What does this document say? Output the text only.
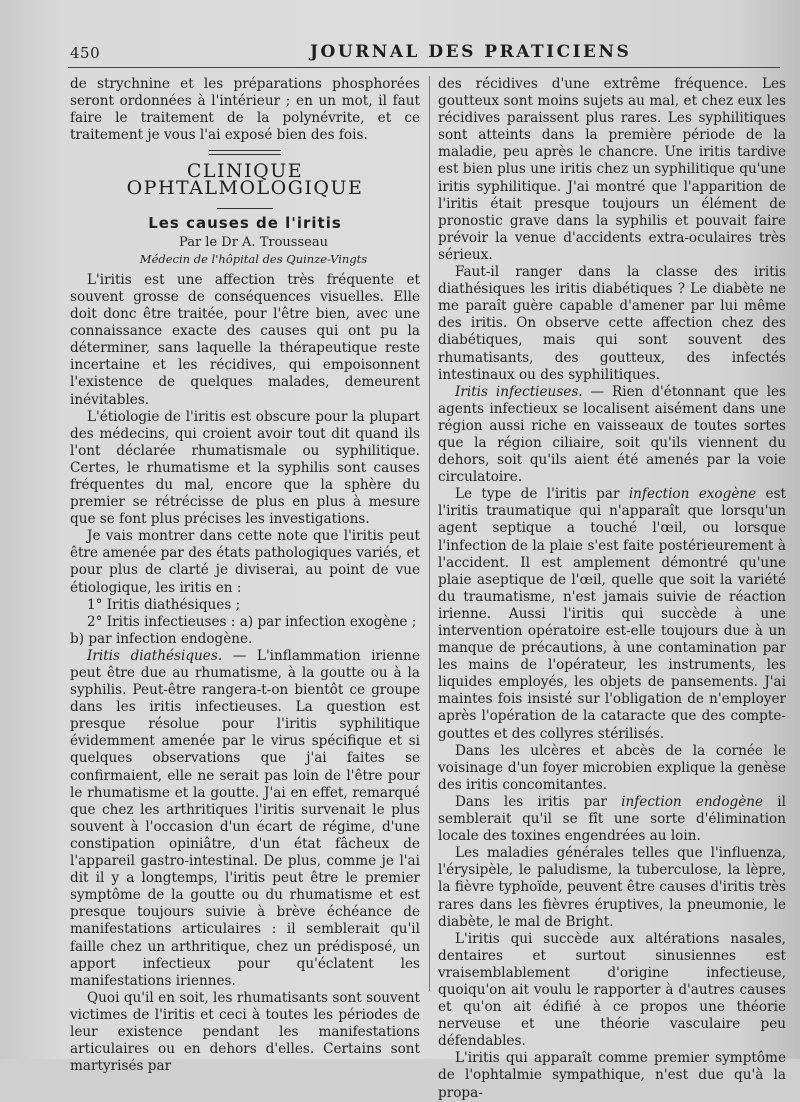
450	JOURNAL DES PRATICIENS

de strychnine et les préparations phosphorées seront ordonnées à l'intérieur ; en un mot, il faut faire le traitement de la polynévrite, et ce traitement je vous l'ai exposé bien des fois.

CLINIQUE OPHTALMOLOGIQUE
Les causes de l'iritis

Par le Dr A. Trousseau

Médecin de l'hôpital des Quinze-Vingts

L'iritis est une affection très fréquente et souvent grosse de conséquences visuelles. Elle doit donc être traitée, pour l'être bien, avec une connaissance exacte des causes qui ont pu la déterminer, sans laquelle la thérapeutique reste incertaine et les récidives, qui empoisonnent l'existence de quelques malades, demeurent inévitables.

L'étiologie de l'iritis est obscure pour la plupart des médecins, qui croient avoir tout dit quand ils l'ont déclarée rhumatismale ou syphilitique. Certes, le rhumatisme et la syphilis sont causes fréquentes du mal, encore que la sphère du premier se rétrécisse de plus en plus à mesure que se font plus précises les investigations.

Je vais montrer dans cette note que l'iritis peut être amenée par des états pathologiques variés, et pour plus de clarté je diviserai, au point de vue étiologique, les iritis en :

1° Iritis diathésiques ;

2° Iritis infectieuses : a) par infection exogène ;

b) par infection endogène.

Iritis diathésiques. — L'inflammation irienne peut être due au rhumatisme, à la goutte ou à la syphilis. Peut-être rangera-t-on bientôt ce groupe dans les iritis infectieuses. La question est presque résolue pour l'iritis syphilitique évidemment amenée par le virus spécifique et si quelques observations que j'ai faites se confirmaient, elle ne serait pas loin de l'être pour le rhumatisme et la goutte. J'ai en effet, remarqué que chez les arthritiques l'iritis survenait le plus souvent à l'occasion d'un écart de régime, d'une constipation opiniâtre, d'un état fâcheux de l'appareil gastro-intestinal. De plus, comme je l'ai dit il y a longtemps, l'iritis peut être le premier symptôme de la goutte ou du rhumatisme et est presque toujours suivie à brève échéance de manifestations articulaires : il semblerait qu'il faille chez un arthritique, chez un prédisposé, un apport infectieux pour qu'éclatent les manifestations iriennes.

Quoi qu'il en soit, les rhumatisants sont souvent victimes de l'iritis et ceci à toutes les périodes de leur existence pendant les manifestations articulaires ou en dehors d'elles. Certains sont martyrisés par

des récidives d'une extrême fréquence. Les goutteux sont moins sujets au mal, et chez eux les récidives paraissent plus rares. Les syphilitiques sont atteints dans la première période de la maladie, peu après le chancre. Une iritis tardive est bien plus une iritis chez un syphilitique qu'une iritis syphilitique. J'ai montré que l'apparition de l'iritis était presque toujours un élément de pronostic grave dans la syphilis et pouvait faire prévoir la venue d'accidents extra-oculaires très sérieux.

Faut-il ranger dans la classe des iritis diathésiques les iritis diabétiques ? Le diabète ne me paraît guère capable d'amener par lui même des iritis. On observe cette affection chez des diabétiques, mais qui sont souvent des rhumatisants, des goutteux, des infectés intestinaux ou des syphilitiques.

Iritis infectieuses. — Rien d'étonnant que les agents infectieux se localisent aisément dans une région aussi riche en vaisseaux de toutes sortes que la région ciliaire, soit qu'ils viennent du dehors, soit qu'ils aient été amenés par la voie circulatoire.

Le type de l'iritis par infection exogène est l'iritis traumatique qui n'apparaît que lorsqu'un agent septique a touché l'œil, ou lorsque l'infection de la plaie s'est faite postérieurement à l'accident. Il est amplement démontré qu'une plaie aseptique de l'œil, quelle que soit la variété du traumatisme, n'est jamais suivie de réaction irienne. Aussi l'iritis qui succède à une intervention opératoire est-elle toujours due à un manque de précautions, à une contamination par les mains de l'opérateur, les instruments, les liquides employés, les objets de pansements. J'ai maintes fois insisté sur l'obligation de n'employer après l'opération de la cataracte que des compte-gouttes et des collyres stérilisés.

Dans les ulcères et abcès de la cornée le voisinage d'un foyer microbien explique la genèse des iritis concomitantes.

Dans les iritis par infection endogène il semblerait qu'il se fît une sorte d'élimination locale des toxines engendrées au loin.

Les maladies générales telles que l'influenza, l'érysipèle, le paludisme, la tuberculose, la lèpre, la fièvre typhoïde, peuvent être causes d'iritis très rares dans les fièvres éruptives, la pneumonie, le diabète, le mal de Bright.

L'iritis qui succède aux altérations nasales, dentaires et surtout sinusiennes est vraisemblablement d'origine infectieuse, quoiqu'on ait voulu le rapporter à d'autres causes et qu'on ait édifié à ce propos une théorie nerveuse et une théorie vasculaire peu défendables.

L'iritis qui apparaît comme premier symptôme de l'ophtalmie sympathique, n'est due qu'à la propa-
